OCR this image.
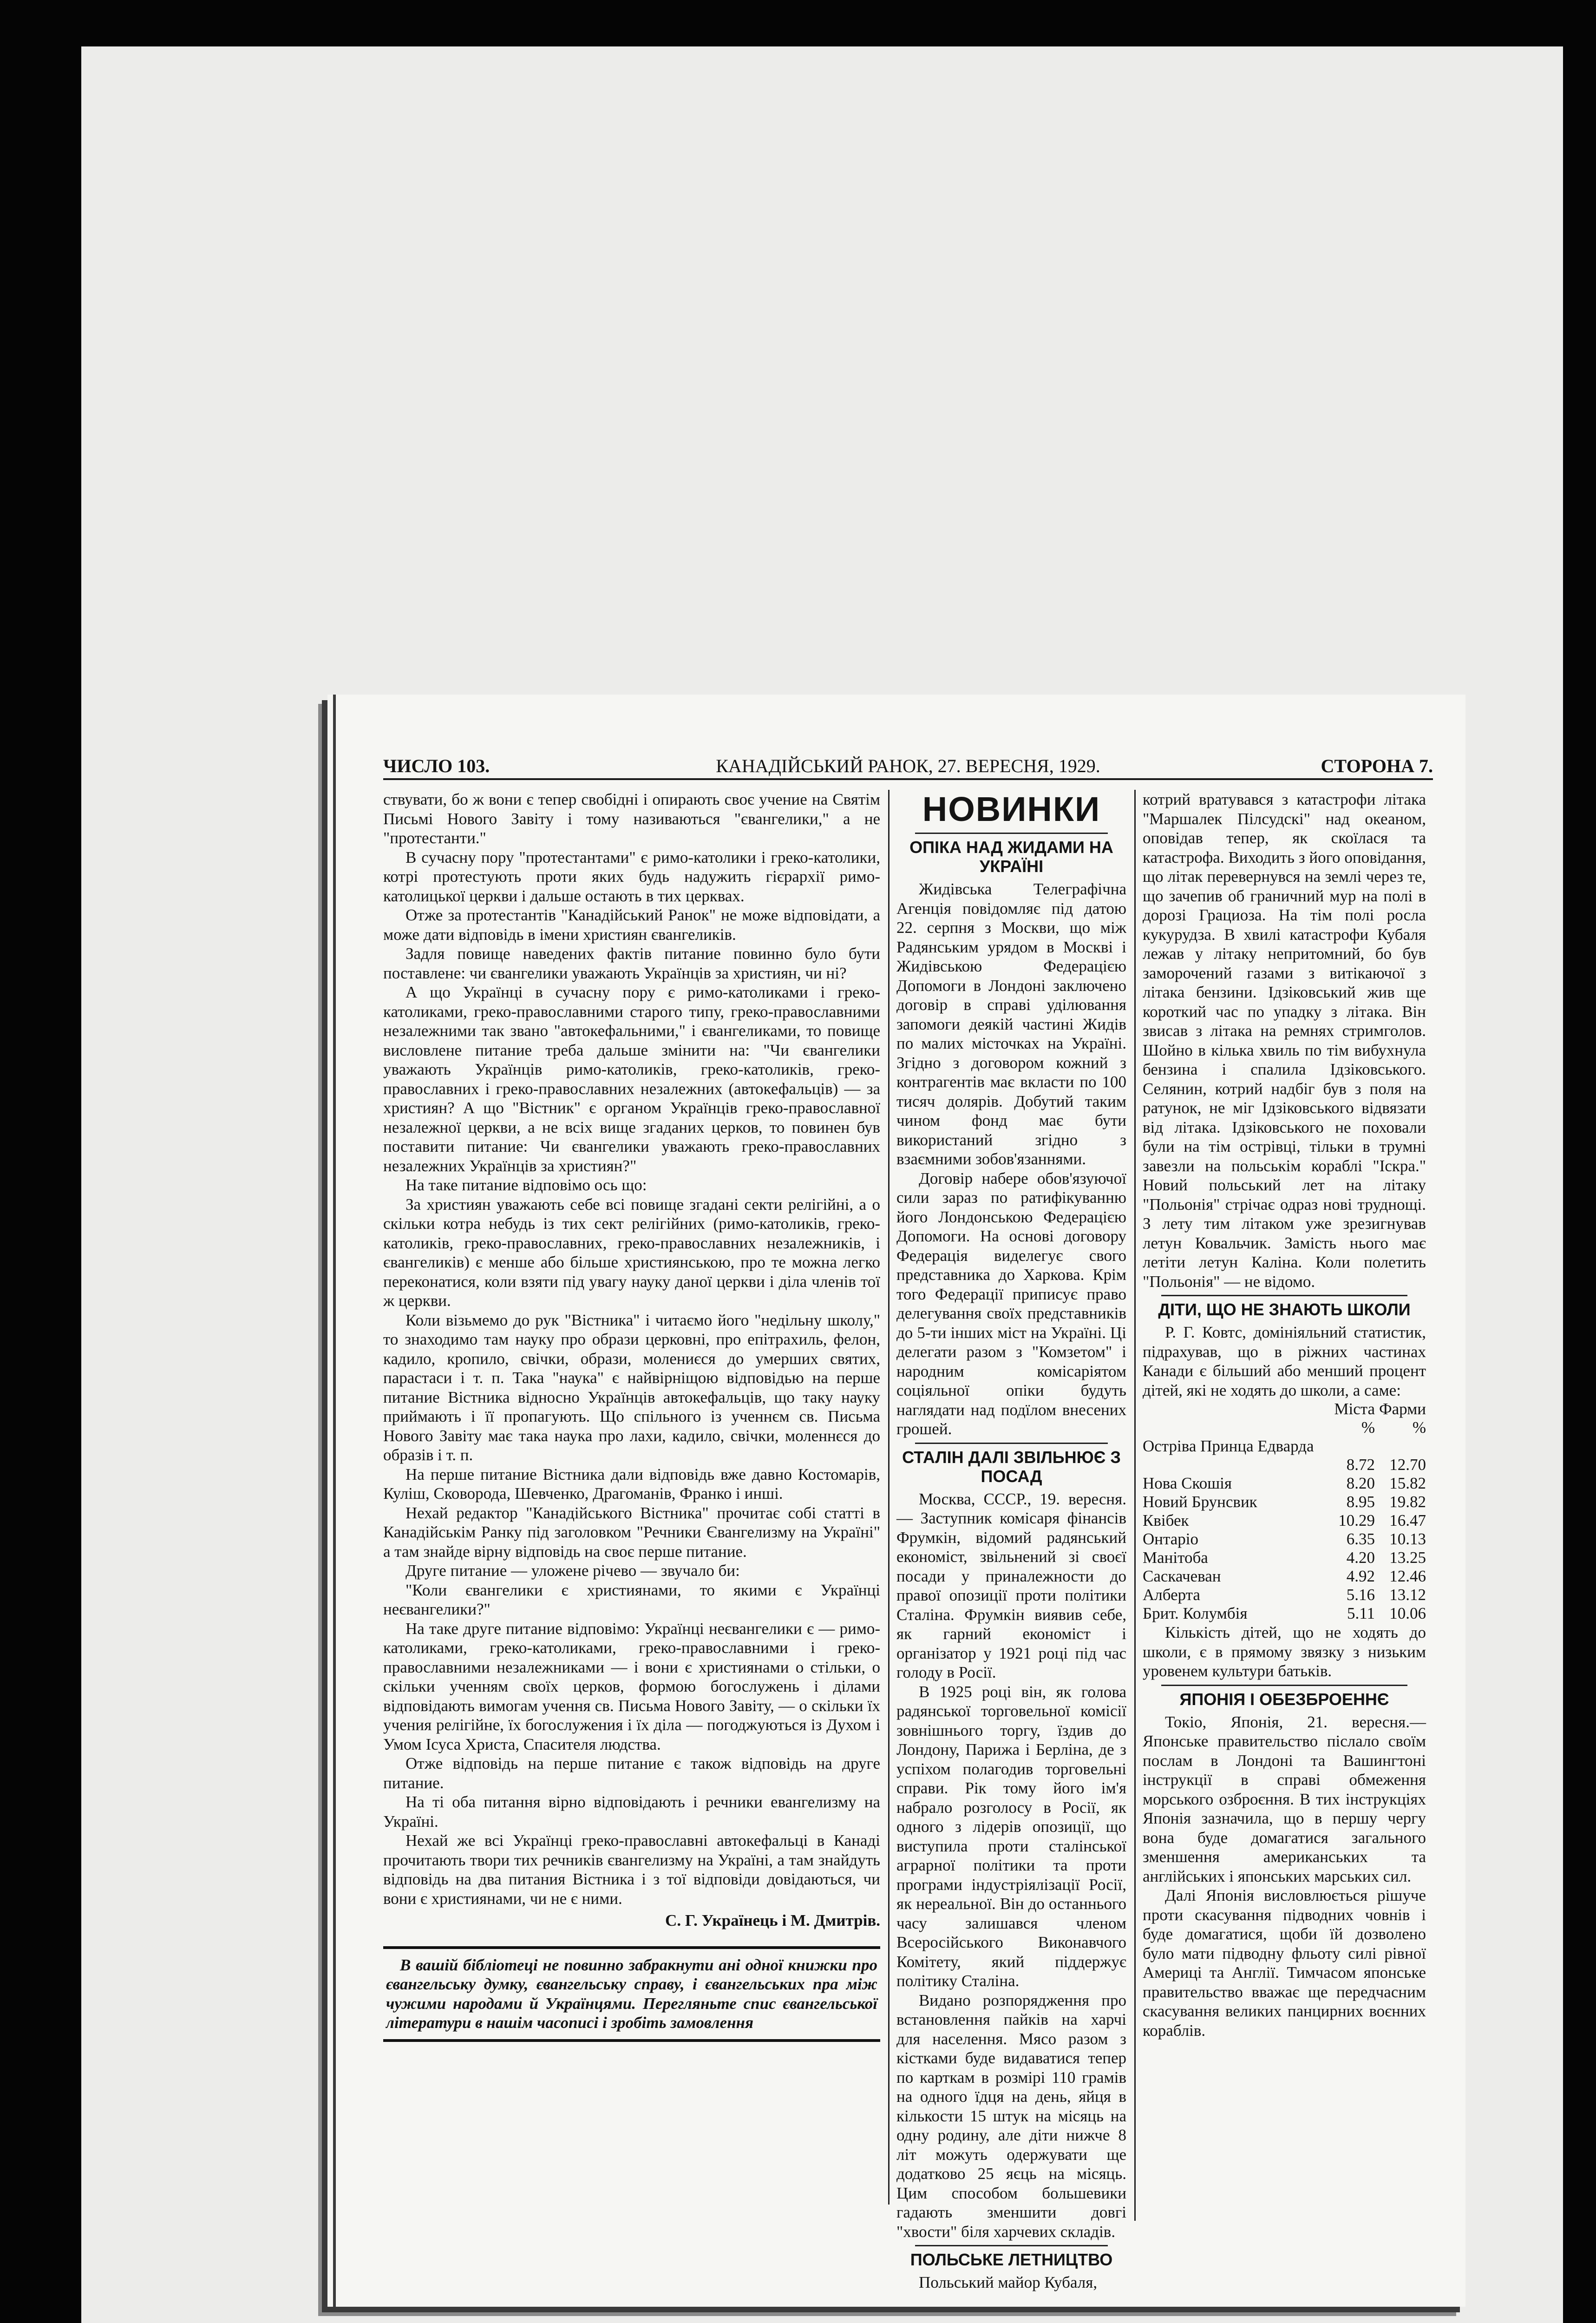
ЧИСЛО 103.	КАНАДІЙСЬКИЙ РАНОК, 27. ВЕРЕСНЯ, 1929.	СТОРОНА 7.

ствувати, бо ж вони є тепер свобідні і опирають своє учение на Святім Письмі Нового Завіту і тому називаються "євангелики," а не "протестанти."

В сучасну пору "протестантами" є римо-католики і греко-католики, котрі протестують проти яких будь надужить гієрархії римо-католицької церкви і дальше остають в тих церквах.

Отже за протестантів "Канадійський Ранок" не може відповідати, а може дати відповідь в імени християн євангеликів.

Задля повище наведених фактів питание повинно було бути поставлене: чи євангелики уважають Українців за християн, чи ні?

А що Українці в сучасну пору є римо-католиками і греко-католиками, греко-православними старого типу, греко-православними незалежними так звано "автокефальними," і євангеликами, то повище висловлене питание треба дальше змінити на: "Чи євангелики уважають Українців римо-католиків, греко-католиків, греко-православних і греко-православних незалежних (автокефальців) — за християн? А що "Вістник" є органом Українців греко-православної незалежної церкви, а не всіх вище згаданих церков, то повинен був поставити питание: Чи євангелики уважають греко-православних незалежних Українців за християн?"

На таке питание відповімо ось що:

За християн уважають себе всі повище згадані секти релігійні, а о скільки котра небудь із тих сект релігійних (римо-католиків, греко-католиків, греко-православних, греко-православних незалежників, і євангеликів) є менше або більше християнською, про те можна легко переконатися, коли взяти під увагу науку даної церкви і діла членів тої ж церкви.

Коли візьмемо до рук "Вістника" і читаємо його "недільну школу," то знаходимо там науку про образи церковні, про епітрахиль, фелон, кадило, кропило, свічки, образи, молениєся до умерших святих, парастаси і т. п. Така "наука" є найвірніщою відповідью на перше питание Вістника відносно Українців автокефальців, що таку науку приймають і її пропагують. Що спільного із ученнєм св. Письма Нового Завіту має така наука про лахи, кадило, свічки, моленнєся до образів і т. п.

На перше питание Вістника дали відповідь вже давно Костомарів, Куліш, Сковорода, Шевченко, Драгоманів, Франко і инші.

Нехай редактор "Канадійського Вістника" прочитає собі статті в Канадійськім Ранку під заголовком "Речники Євангелизму на Україні" а там знайде вірну відповідь на своє перше питание.

Друге питание — уложене річево — звучало би:

"Коли євангелики є християнами, то якими є Українці неєвангелики?"

На таке друге питание відповімо: Українці неєвангелики є — римо-католиками, греко-католиками, греко-православними і греко-православними незалежниками — і вони є християнами о стільки, о скільки ученням своїх церков, формою богослужень і ділами відповідають вимогам учення св. Письма Нового Завіту, — о скільки їх учения релігійне, їх богослужения і їх діла — погоджуються із Духом і Умом Ісуса Христа, Спасителя людства.

Отже відповідь на перше питание є також відповідь на друге питание.

На ті оба питання вірно відповідають і речники евангелизму на Україні.

Нехай же всі Українці греко-православні автокефальці в Канаді прочитають твори тих речників євангелизму на Україні, а там знайдуть відповідь на два питания Вістника і з тої відповіди довідаються, чи вони є християнами, чи не є ними.

С. Г. Українець і М. Дмитрів.

В вашій бібліотеці не повинно забракнути ані одної книжки про євангельську думку, євангельську справу, і євангельських пра між чужими народами й Українцями. Перегляньте спис євангельської літератури в нашім часописі і зробіть замовлення

НОВИНКИ
ОПІКА НАД ЖИДАМИ НА УКРАЇНІ

Жидівська Телеграфічна Агенція повідомляє під датою 22. серпня з Москви, що між Радянським урядом в Москві і Жидівською Федерацією Допомоги в Лондоні заключено договір в справі уділювання запомоги деякій частині Жидів по малих місточках на Україні. Згідно з договором кожний з контрагентів має вкласти по 100 тисяч долярів. Добутий таким чином фонд має бути використаний згідно з взаємними зобов'язаннями.

Договір набере обов'язуючої сили зараз по ратифікуванню його Лондонською Федерацією Допомоги. На основі договору Федерація виделегує свого представника до Харкова. Крім того Федерації приписує право делегування своїх представників до 5-ти інших міст на Україні. Ці делегати разом з "Комзетом" і народним комісаріятом соціяльної опіки будуть наглядати над подїлом внесених грошей.

СТАЛІН ДАЛІ ЗВІЛЬНЮЄ З ПОСАД

Москва, СССР., 19. вересня. — Заступник комісаря фінансів Фрумкін, відомий радянський економіст, звільнений зі своєї посади у приналежности до правої опозиції проти політики Сталіна. Фрумкін виявив себе, як гарний економіст і організатор у 1921 році під час голоду в Росії.

В 1925 році він, як голова радянської торговельної комісії зовнішнього торгу, їздив до Лондону, Парижа і Берліна, де з успіхом полагодив торговельні справи. Рік тому його ім'я набрало розголосу в Росії, як одного з лідерів опозиції, що виступила проти сталінської аграрної політики та проти програми індустріялізації Росії, як нереальної. Він до останнього часу залишався членом Всеросійського Виконавчого Комітету, який піддержує політику Сталіна.

Видано розпорядження про встановлення пайків на харчі для населення. Мясо разом з кістками буде видаватися тепер по карткам в розмірі 110 грамів на одного їдця на день, яйця в кількости 15 штук на місяць на одну родину, але діти нижче 8 літ можуть одержувати ще додатково 25 яєць на місяць. Цим способом большевики гадають зменшити довгі "хвости" біля харчевих складів.

ПОЛЬСЬКЕ ЛЕТНИЦТВО

Польський майор Кубаля,

котрий вратувався з катастрофи літака "Маршалек Пілсудскі" над океаном, оповідав тепер, як скоїлася та катастрофа. Виходить з його оповідання, що літак перевернувся на землі через те, що зачепив об граничний мур на полі в дорозі Грациоза. На тім полі росла кукурудза. В хвилі катастрофи Кубаля лежав у літаку непритомний, бо був заморочений газами з витікаючої з літака бензини. Ідзіковський жив ще короткий час по упадку з літака. Він звисав з літака на ремнях стримголов. Шойно в кілька хвиль по тім вибухнула бензина і спалила Ідзіковського. Селянин, котрий надбіг був з поля на ратунок, не міг Ідзіковського відвязати від літака. Ідзіковського не поховали були на тім острівці, тільки в трумні завезли на польськім кораблі "Іскра." Новий польський лет на літаку "Польонія" стрічає одраз нові труднощі. З лету тим літаком уже зрезигнував летун Ковальчик. Замість нього має летіти летун Каліна. Коли полетить "Польонія" — не відомо.

ДІТИ, ЩО НЕ ЗНАЮТЬ ШКОЛИ

Р. Г. Ковтс, домініяльний статистик, підрахував, що в ріжних частинах Канади є більший або менший процент дітей, які не ходять до школи, а саме:

	Міста	Фарми
	%	%
Остріва Принца Едварда		
	8.72	12.70
Нова Скошія	8.20	15.82
Новий Брунсвик	8.95	19.82
Квібек	10.29	16.47
Онтаріо	6.35	10.13
Манітоба	4.20	13.25
Саскачеван	4.92	12.46
Алберта	5.16	13.12
Брит. Колумбія	5.11	10.06

Кількість дітей, що не ходять до школи, є в прямому звязку з низьким уровенем культури батьків.

ЯПОНІЯ І ОБЕЗБРОЕННЄ

Токіо, Японія, 21. вересня.— Японське правительство післало своїм послам в Лондоні та Вашингтоні інструкції в справі обмеження морського озброєння. В тих інструкціях Японія зазначила, що в першу чергу вона буде домагатися загального зменшення американських та англійських і японських марських сил.

Далі Японія висловлюється рішуче проти скасування підводних човнів і буде домагатися, щоби їй дозволено було мати підводну фльоту силі рівної Америці та Англії. Тимчасом японське правительство вважає ще передчасним скасування великих панцирних воєнних кораблів.
